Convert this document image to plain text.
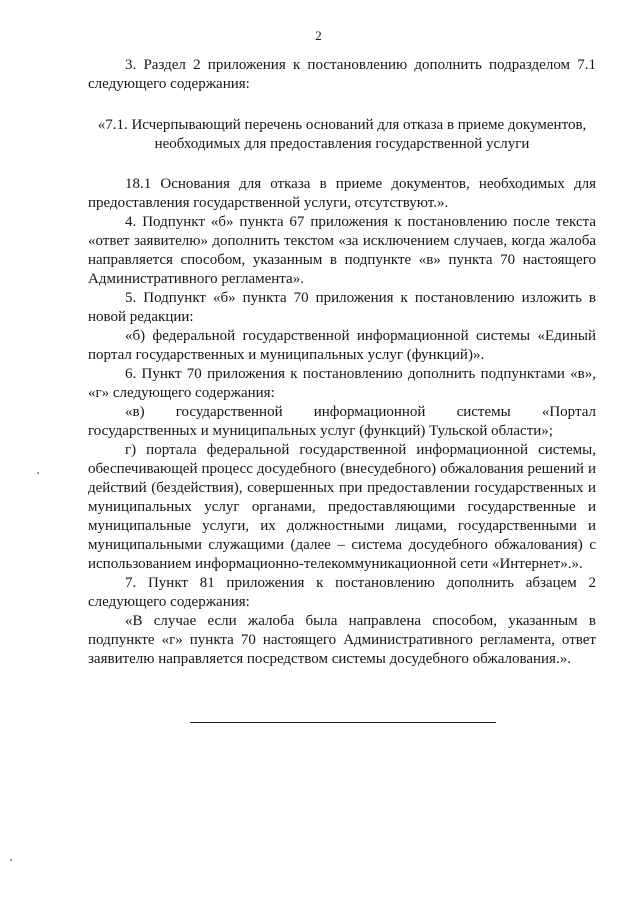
2

3. Раздел 2 приложения к постановлению дополнить подразделом 7.1 следующего содержания:

«7.1. Исчерпывающий перечень оснований для отказа в приеме документов, необходимых для предоставления государственной услуги

18.1 Основания для отказа в приеме документов, необходимых для предоставления государственной услуги, отсутствуют.».

4. Подпункт «б» пункта 67 приложения к постановлению после текста «ответ заявителю» дополнить текстом «за исключением случаев, когда жалоба направляется способом, указанным в подпункте «в» пункта 70 настоящего Административного регламента».

5. Подпункт «б» пункта 70 приложения к постановлению изложить в новой редакции:

«б) федеральной государственной информационной системы «Единый портал государственных и муниципальных услуг (функций)».

6. Пункт 70 приложения к постановлению дополнить подпунктами «в», «г» следующего содержания:

«в) государственной информационной системы «Портал государственных и муниципальных услуг (функций) Тульской области»;

г) портала федеральной государственной информационной системы, обеспечивающей процесс досудебного (внесудебного) обжалования решений и действий (бездействия), совершенных при предоставлении государственных и муниципальных услуг органами, предоставляющими государственные и муниципальные услуги, их должностными лицами, государственными и муниципальными служащими (далее – система досудебного обжалования) с использованием информационно-телекоммуникационной сети «Интернет».».

7. Пункт 81 приложения к постановлению дополнить абзацем 2 следующего содержания:

«В случае если жалоба была направлена способом, указанным в подпункте «г» пункта 70 настоящего Административного регламента, ответ заявителю направляется посредством системы досудебного обжалования.».
